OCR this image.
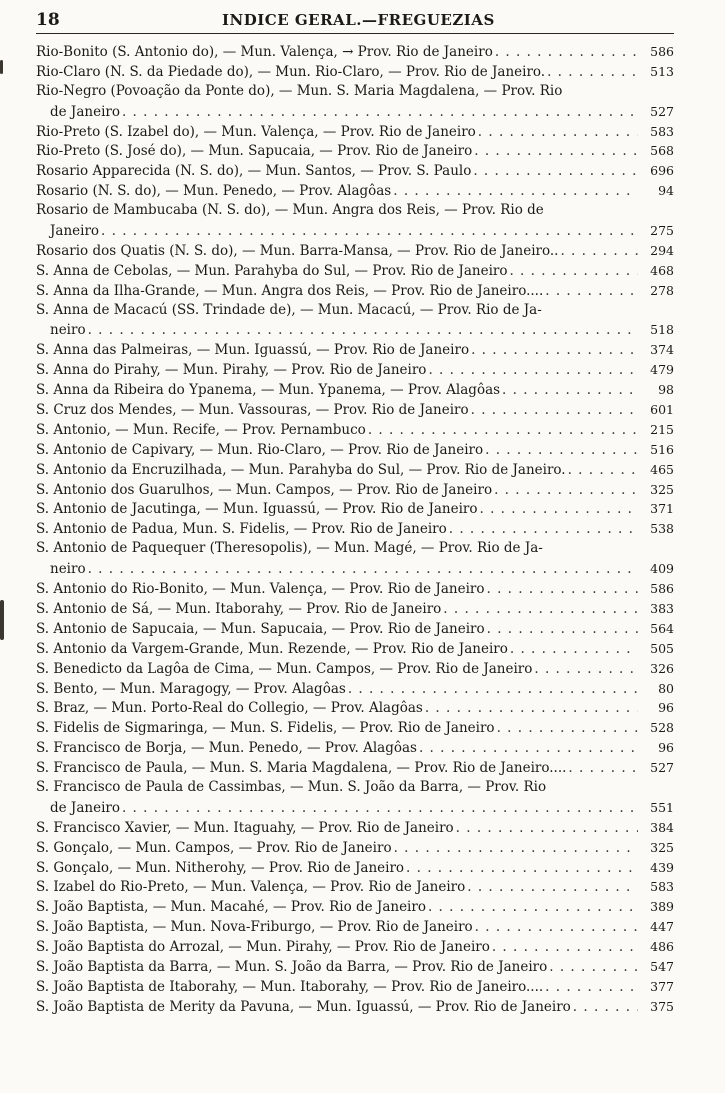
18	INDICE GERAL.—FREGUEZIAS
Rio-Bonito (S. Antonio do), — Mun. Valença, → Prov. Rio de Janeiro . . .	586
Rio-Claro (N. S. da Piedade do), — Mun. Rio-Claro, — Prov. Rio de Janeiro. . . .	513
Rio-Negro (Povoação da Ponte do), — Mun. S. Maria Magdalena, — Prov. Rio
de Janeiro . . .	527
Rio-Preto (S. Izabel do), — Mun. Valença, — Prov. Rio de Janeiro . . .	583
Rio-Preto (S. José do), — Mun. Sapucaia, — Prov. Rio de Janeiro . . .	568
Rosario Apparecida (N. S. do), — Mun. Santos, — Prov. S. Paulo . . .	696
Rosario (N. S. do), — Mun. Penedo, — Prov. Alagôas . . .	94
Rosario de Mambucaba (N. S. do), — Mun. Angra dos Reis, — Prov. Rio de
Janeiro . . .	275
Rosario dos Quatis (N. S. do), — Mun. Barra-Mansa, — Prov. Rio de Janeiro.. . . .	294
S. Anna de Cebolas, — Mun. Parahyba do Sul, — Prov. Rio de Janeiro . . .	468
S. Anna da Ilha-Grande, — Mun. Angra dos Reis, — Prov. Rio de Janeiro.... . . .	278
S. Anna de Macacú (SS. Trindade de), — Mun. Macacú, — Prov. Rio de Ja-
neiro . . .	518
S. Anna das Palmeiras, — Mun. Iguassú, — Prov. Rio de Janeiro . . .	374
S. Anna do Pirahy, — Mun. Pirahy, — Prov. Rio de Janeiro . . .	479
S. Anna da Ribeira do Ypanema, — Mun. Ypanema, — Prov. Alagôas . . .	98
S. Cruz dos Mendes, — Mun. Vassouras, — Prov. Rio de Janeiro . . .	601
S. Antonio, — Mun. Recife, — Prov. Pernambuco . . .	215
S. Antonio de Capivary, — Mun. Rio-Claro, — Prov. Rio de Janeiro . . .	516
S. Antonio da Encruzilhada, — Mun. Parahyba do Sul, — Prov. Rio de Janeiro. . . .	465
S. Antonio dos Guarulhos, — Mun. Campos, — Prov. Rio de Janeiro . . .	325
S. Antonio de Jacutinga, — Mun. Iguassú, — Prov. Rio de Janeiro . . .	371
S. Antonio de Padua, Mun. S. Fidelis, — Prov. Rio de Janeiro . . .	538
S. Antonio de Paquequer (Theresopolis), — Mun. Magé, — Prov. Rio de Ja-
neiro . . .	409
S. Antonio do Rio-Bonito, — Mun. Valença, — Prov. Rio de Janeiro . . .	586
S. Antonio de Sá, — Mun. Itaborahy, — Prov. Rio de Janeiro . . .	383
S. Antonio de Sapucaia, — Mun. Sapucaia, — Prov. Rio de Janeiro . . .	564
S. Antonio da Vargem-Grande, Mun. Rezende, — Prov. Rio de Janeiro . . .	505
S. Benedicto da Lagôa de Cima, — Mun. Campos, — Prov. Rio de Janeiro . . .	326
S. Bento, — Mun. Maragogy, — Prov. Alagôas . . .	80
S. Braz, — Mun. Porto-Real do Collegio, — Prov. Alagôas . . .	96
S. Fidelis de Sigmaringa, — Mun. S. Fidelis, — Prov. Rio de Janeiro . . .	528
S. Francisco de Borja, — Mun. Penedo, — Prov. Alagôas . . .	96
S. Francisco de Paula, — Mun. S. Maria Magdalena, — Prov. Rio de Janeiro.... . . .	527
S. Francisco de Paula de Cassimbas, — Mun. S. João da Barra, — Prov. Rio
de Janeiro . . .	551
S. Francisco Xavier, — Mun. Itaguahy, — Prov. Rio de Janeiro . . .	384
S. Gonçalo, — Mun. Campos, — Prov. Rio de Janeiro . . .	325
S. Gonçalo, — Mun. Nitherohy, — Prov. Rio de Janeiro . . .	439
S. Izabel do Rio-Preto, — Mun. Valença, — Prov. Rio de Janeiro . . .	583
S. João Baptista, — Mun. Macahé, — Prov. Rio de Janeiro . . .	389
S. João Baptista, — Mun. Nova-Friburgo, — Prov. Rio de Janeiro . . .	447
S. João Baptista do Arrozal, — Mun. Pirahy, — Prov. Rio de Janeiro . . .	486
S. João Baptista da Barra, — Mun. S. João da Barra, — Prov. Rio de Janeiro . . .	547
S. João Baptista de Itaborahy, — Mun. Itaborahy, — Prov. Rio de Janeiro.... . . .	377
S. João Baptista de Merity da Pavuna, — Mun. Iguassú, — Prov. Rio de Janeiro . . .	375
